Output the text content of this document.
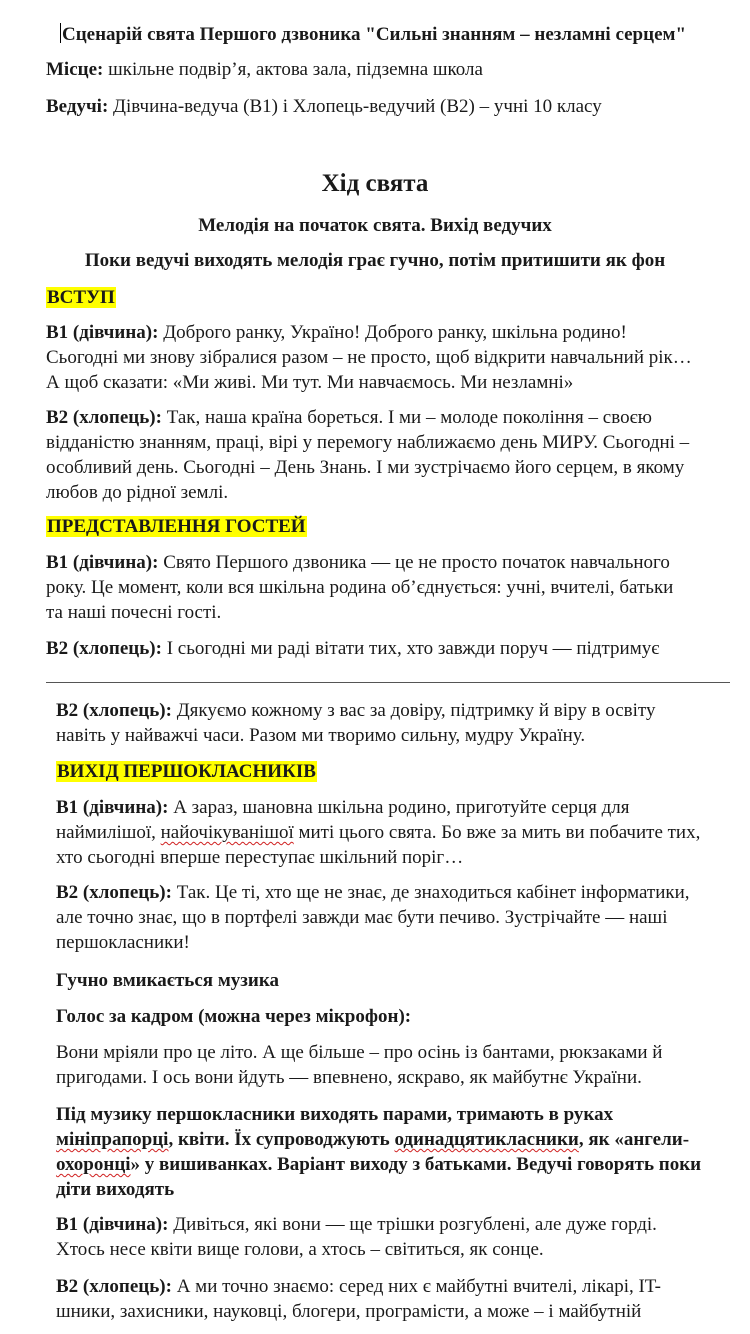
Сценарій свята Першого дзвоника "Сильні знанням – незламні серцем"
Місце: шкільне подвір’я, актова зала, підземна школа
Ведучі: Дівчина-ведуча (В1) і Хлопець-ведучий (В2) – учні 10 класу
Хід свята
Мелодія на початок свята. Вихід ведучих
Поки ведучі виходять мелодія грає гучно, потім притишити як фон
ВСТУП
В1 (дівчина): Доброго ранку, Україно! Доброго ранку, шкільна родино!
Сьогодні ми знову зібралися разом – не просто, щоб відкрити навчальний рік…
А щоб сказати: «Ми живі. Ми тут. Ми навчаємось. Ми незламні»
В2 (хлопець): Так, наша країна бореться. І ми – молоде покоління – своєю
відданістю знанням, праці, вірі у перемогу наближаємо день МИРУ. Сьогодні –
особливий день. Сьогодні – День Знань. І ми зустрічаємо його серцем, в якому
любов до рідної землі.
ПРЕДСТАВЛЕННЯ ГОСТЕЙ
В1 (дівчина): Свято Першого дзвоника — це не просто початок навчального
року. Це момент, коли вся шкільна родина об’єднується: учні, вчителі, батьки
та наші почесні гості.
В2 (хлопець): І сьогодні ми раді вітати тих, хто завжди поруч — підтримує
В2 (хлопець): Дякуємо кожному з вас за довіру, підтримку й віру в освіту
навіть у найважчі часи. Разом ми творимо сильну, мудру Україну.
ВИХІД ПЕРШОКЛАСНИКІВ
В1 (дівчина): А зараз, шановна шкільна родино, приготуйте серця для
наймилішої, найочікуванішої миті цього свята. Бо вже за мить ви побачите тих,
хто сьогодні вперше переступає шкільний поріг…
В2 (хлопець): Так. Це ті, хто ще не знає, де знаходиться кабінет інформатики,
але точно знає, що в портфелі завжди має бути печиво. Зустрічайте — наші
першокласники!
Гучно вмикається музика
Голос за кадром (можна через мікрофон):
Вони мріяли про це літо. А ще більше – про осінь із бантами, рюкзаками й
пригодами. І ось вони йдуть — впевнено, яскраво, як майбутнє України.
Під музику першокласники виходять парами, тримають в руках
мініпрапорці, квіти. Їх супроводжують одинадцятикласники, як «ангели-
охоронці» у вишиванках. Варіант виходу з батьками. Ведучі говорять поки
діти виходять
В1 (дівчина): Дивіться, які вони — ще трішки розгублені, але дуже горді.
Хтось несе квіти вище голови, а хтось – світиться, як сонце.
В2 (хлопець): А ми точно знаємо: серед них є майбутні вчителі, лікарі, IT-
шники, захисники, науковці, блогери, програмісти, а може – і майбутній
